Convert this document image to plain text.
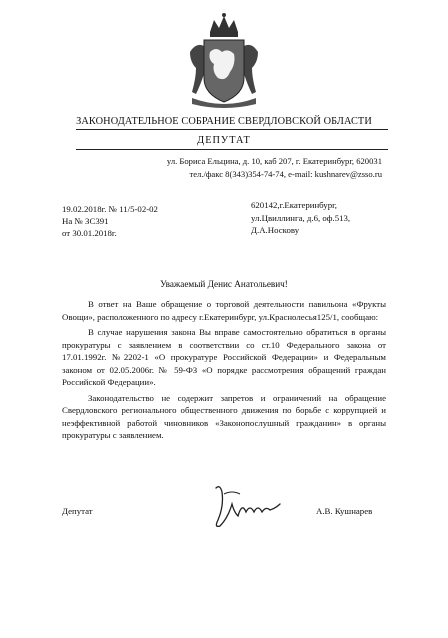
ЗАКОНОДАТЕЛЬНОЕ СОБРАНИЕ СВЕРДЛОВСКОЙ ОБЛАСТИ
ДЕПУТАТ
ул. Бориса Ельцина, д. 10, каб 207, г. Екатеринбург, 620031
тел./факс 8(343)354-74-74, e-mail: kushnarev@zsso.ru
19.02.2018г. № 11/5-02-02
На № ЗС391
от 30.01.2018г.
620142,г.Екатеринбург,
ул.Цвиллинга, д.6, оф.513,
Д.А.Носкову
Уважаемый Денис Анатольевич!

В ответ на Ваше обращение о торговой деятельности павильона «Фрукты Овощи», расположенного по адресу г.Екатеринбург, ул.Краснолесья125/1, сообщаю:

В случае нарушения закона Вы вправе самостоятельно обратиться в органы прокуратуры с заявлением в соответствии со ст.10 Федерального закона от 17.01.1992г. №2202-1 «О прокуратуре Российской Федерации» и Федеральным законом от 02.05.2006г. № 59-ФЗ «О порядке рассмотрения обращений граждан Российской Федерации».

Законодательство не содержит запретов и ограничений на обращение Свердловского регионального общественного движения по борьбе с коррупцией и неэффективной работой чиновников «Законопослушный гражданин» в органы прокуратуры с заявлением.

Депутат	А.В. Кушнарев
